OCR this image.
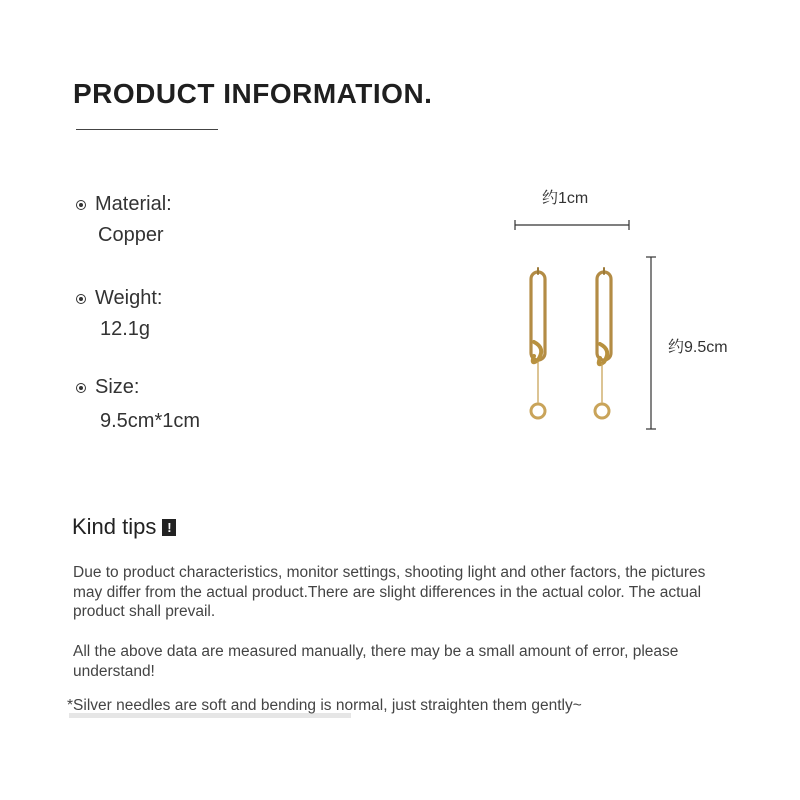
PRODUCT INFORMATION.
Material:
Copper
Weight:
12.1g
Size:
9.5cm*1cm
约1cm
约9.5cm
Kind tips !

Due to product characteristics, monitor settings, shooting light and other factors, the pictures may differ from the actual product.There are slight differences in the actual color. The actual product shall prevail.

All the above data are measured manually, there may be a small amount of error, please understand!

*Silver needles are soft and bending is normal, just straighten them gently~
